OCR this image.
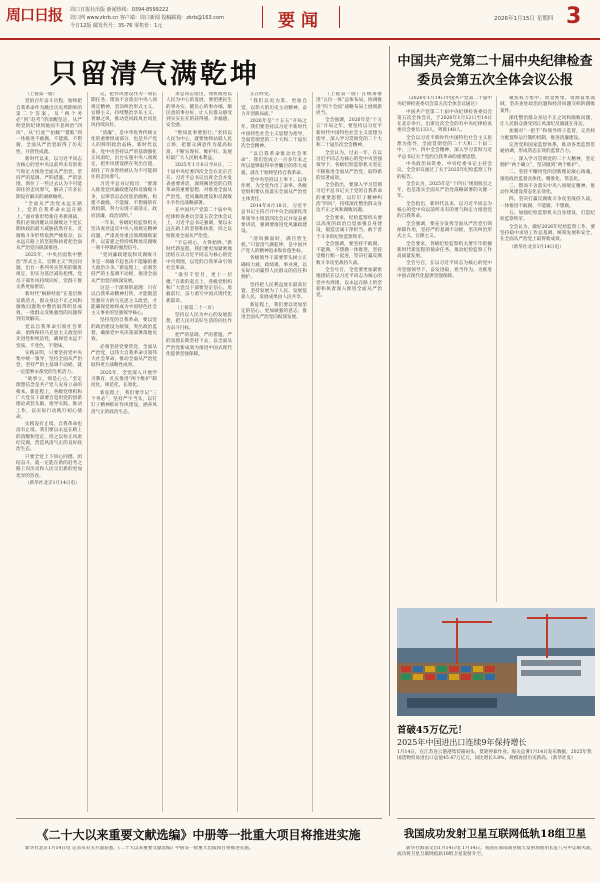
周口日报	周口日报社出版 新闻热线：0394-8599222
周口网 www.zkrb.cn 客户端：周口新闻 投稿邮箱：zkrb@163.com
今日12版 邮发代号：35-76 零售价：1元	要闻	2026年1月15日 星期四 3
只留清气满乾坤

（上接第一版）

党的百年奋斗历程，始终把自我革命作为跳出历史周期率的第二个答案。从“两个务必”到“赶考”的清醒坚定，从严明党的纪律到驰而不息纠治“四风”，从“打虎”“拍蝇”“猎狐”到一体推进不敢腐、不能腐、不想腐，全面从严治党取得了历史性、开创性成就。

新时代以来，以习近平同志为核心的党中央以前所未有的勇气和定力推进全面从严治党，坚持严的基调、严的措施、严的氛围，刹住了一些过去认为不可能刹住的歪风邪气，解决了许多长期没有解决的顽瘴痼疾。

“全面从严治党永远在路上，党的自我革命永远在路上。”面对新形势新任务新挑战，我们必须清醒认识腐败这个党长期执政的最大威胁依然存在，反腐败斗争形势依然严峻复杂，以永远在路上的坚韧和执着把全面从严治党向纵深推进。

2025年，中央层面集中整治“形式主义、官僚主义”突出问题，出台一系列务实管用的制度规定，切实为基层减负松绑，党员干部作风持续向好，党群干群关系更加密切。

新时代“枫桥经验”在基层焕发新活力，群众身边不正之风和腐败问题集中整治取得明显成效，一批群众反映强烈的问题得到有效解决。

党以自我革命引领社会革命，始终保持马克思主义政党的先进性和纯洁性，确保党永远不变质、不变色、不变味。

实践证明，只要坚持党中央集中统一领导，坚持全面从严治党，坚持严的主基调不动摇，就一定能够永葆党的生机活力。

“欲事立，须是心立。”坚定理想信念是共产党人安身立命的根本。新征程上，各级党组织和广大党员干部要自觉用党的创新理论武装头脑、指导实践、推动工作，以实际行动践行初心使命。

实践没有止境，自我革命也没有止境。我们要以永远在路上的清醒和坚定，持之以恒正风肃纪反腐，营造风清气正的良好政治生态。

只要全党上下同心同德、团结奋斗，就一定能在新的赶考之路上向历史和人民交出新的更加优异的答卷。

（新华社北京1月14日电）

记，把作风建设作为一项长期任务，锲而不舍落实中央八项规定精神，坚决纠治形式主义、官僚主义，持续整治享乐主义、奢靡之风，推动党风政风社风民风持续向好。

“清廉”，是中华优秀传统文化的重要组成部分，也是共产党人的鲜明政治品格。新时代以来，党中央坚持以严的基调强化正风肃纪，出台实施中央八项规定，把作风建设摆在突出位置，刹住了许多曾经被认为不可能刹住的歪风邪气。

习近平总书记指出：“要深入推进党风廉政建设和反腐败斗争，以零容忍态度惩治腐败，构建不敢腐、不能腐、不想腐的有效机制，努力实现干部清正、政府清廉、政治清明。”

一年来，各级纪检监察机关坚决查处违反中央八项规定精神问题，严肃查处重点领域腐败案件，以雷霆之势持续释放反腐败一刻不停歇的强烈信号。

“党风廉政建设和反腐败斗争是一场输不起也决不能输的重大政治斗争。”新征程上，必须坚持严的主基调不动摇，推进全面从严治党向纵深发展。

这是一个深刻的道理：只有以自我革命精神打铁，才能锻造坚强有力的马克思主义政党，才能确保党始终成为中国特色社会主义事业的坚强领导核心。

坚持党的自我革命，要以党的政治建设为统领，突出政治监督，确保党中央决策部署落地见效。

必须坚持党要管党、全面从严治党，以伟大自我革命引领伟大社会革命，推动全面从严治党取得更大战略性成果。

2025年，全党深入开展学习教育，扎实推进“两个维护”制度化、规范化、长效化。

新征程上，我们要牢记“三个务必”，坚持严字当头，以钉钉子精神抓好作风建设，涵养风清气正的政治生态。

求是同志指出，加快推进以人民为中心的发展，要把惠民生的事办实、暖民心的事办细、顺民意的事办好，让人民群众感受到实实在在的获得感、幸福感、安全感。

“绝知此事要躬行。”坚持以人民为中心，就要始终站稳人民立场，把群众满意作为最高标准，不断实现好、维护好、发展好最广大人民根本利益。

2025年1月6日至8日，二十届中央纪委四次全会在北京召开。习近平总书记出席全会并发表重要讲话，深刻阐述党的自我革命的重要思想，对推进全面从严治党、党风廉政建设和反腐败斗争作出战略部署。

在中国共产党第二十届中央纪律检查委员会第五次全体会议上，习近平总书记强调，要以永远在路上的坚韧和执着，持之以恒推进全面从严治党。

“不忘初心，方得始终。”新时代新征程，我们要更加紧密地团结在以习近平同志为核心的党中央周围，以党的自我革命引领社会革命。

“欲穷千里目，更上一层楼。”在新的起点上，各级党组织和广大党员干部要坚定信心、勇毅前行，奋力谱写中国式现代化新篇章。

（上接第二十一页）

坚持以人民为中心的发展思想，把人民对美好生活的向往作为奋斗目标。

把严的基调、严的措施、严的氛围长期坚持下去，以全面从严治党新成效为推进中国式现代化提供坚强保障。

正在经受。

“我们以史为鉴、更加自觉，以伟大的历史主动精神，奋力开创新局面。”

2026年是“十五五”开局之年。我们要坚持以习近平新时代中国特色社会主义思想为指导，全面贯彻党的二十大和二十届历次全会精神。

“以自我革命推动社会革命”，我们党成立一百多年来之所以能够取得举世瞩目的伟大成就，就在于始终坚持自我革命。

党中央坚持以上率下、以身作则，为全党作出了表率。各级党组织要认真落实全面从严治党主体责任。

2014年8月18日，习近平总书记主持召开中央全面深化改革领导小组第四次会议并发表重要讲话，强调要推进党风廉政建设。

“清风拂面时，满目皆生机。”只留清气满乾坤，是中国共产党人的精神追求和价值坐标。

各级领导干部要带头树立正确权力观、政绩观、事业观，以实际行动赢得人民群众的信任和拥护。

坚持把人民利益放在最高位置，坚持发展为了人民、发展依靠人民、发展成果由人民共享。

新征程上，我们要以更加坚定的信心、更加顽强的意志，推进全面从严治党向纵深发展。

（上接第一版）在统筹推进“五位一体”总体布局、协调推进“四个全面”战略布局上展现新担当。

全会强调，2026年是“十五五”开局之年。要坚持以习近平新时代中国特色社会主义思想为指导，深入学习贯彻党的二十大和二十届历次全会精神。

全会认为，过去一年，在以习近平同志为核心的党中央坚强领导下，各级纪检监察机关坚定不移推进全面从严治党，取得新的显著成效。

全会指出，要深入学习贯彻习近平总书记关于党的自我革命的重要思想，以钉钉子精神纠治“四风”，持续深化整治群众身边不正之风和腐败问题。

全会要求，纪检监察机关要以高度的政治自觉加强自身建设，锻造忠诚干净担当、敢于善于斗争的纪检监察铁军。

全会强调，要坚持不敢腐、不能腐、不想腐一体推进，坚持受贿行贿一起查，坚决打赢反腐败斗争攻坚战持久战。

全会号召，全党要更加紧密地团结在以习近平同志为核心的党中央周围，以永远在路上的坚韧和执着深入推进全面从严治党。

中国共产党第二十届中央纪律检查委员会第五次全体会议公报

（2026年1月14日中国共产党第二十届中央纪律检查委员会第五次全体会议通过）

中国共产党第二十届中央纪律检查委员会第五次全体会议，于2026年1月12日至14日在北京举行。出席这次全会的有中央纪律检查委员会委员133人，列席148人。

全会以习近平新时代中国特色社会主义思想为指导，全面贯彻党的二十大和二十届二中、三中、四中全会精神，深入学习贯彻习近平总书记关于党的自我革命的重要思想。

中央政治局常委、中央纪委书记主持会议。全会审议通过了关于2025年纪检监察工作的报告。

全会认为，2025年是“十四五”规划收官之年，也是落实全面从严治党战略部署的关键一年。

全会指出，新时代以来，以习近平同志为核心的党中央以前所未有的勇气和定力推进党的自我革命。

全会强调，要充分发挥全面从严治党引领保障作用，坚持严的基调不动摇，坚决纠治形式主义、官僚主义。

全会要求，各级纪检监察机关要牢牢把握新时代新征程的使命任务，推动纪检监察工作高质量发展。

全会号召，在以习近平同志为核心的党中央坚强领导下，奋发进取、担当作为，为推进中国式现代化提供坚强保障。

聚焦权力集中、资金密集、资源富集领域，坚决查处政治问题和经济问题交织的腐败案件。

深化整治群众身边不正之风和腐败问题，让人民群众感受到正风肃纪反腐就在身边。

加强对“一把手”和领导班子监督，完善权力配置和运行制约机制，推进清廉建设。

完善党和国家监督体系，推动各类监督贯通协调，形成常态长效的监督合力。

一、深入学习贯彻党的二十大精神，坚定拥护“两个确立”，坚决做到“两个维护”。

二、坚持不懈用党的创新理论凝心铸魂，推进政治监督具体化、精准化、常态化。

三、锲而不舍落实中央八项规定精神，推动作风建设常态化长效化。

四、坚决打赢反腐败斗争攻坚战持久战，一体推进不敢腐、不能腐、不想腐。

五、加强纪检监察机关自身建设，打造纪检监察铁军。

全会认为，做好2026年纪检监察工作，要坚持稳中求进工作总基调，统筹发展和安全，在全面从严治党上取得新成效。

（新华社北京1月14日电）

首破45万亿元！
2025年中国进出口连续9年保持增长
1月14日，在江苏连云港港集装箱码头，货轮停靠作业。海关总署1月14日发布数据，2025年我国货物贸易进出口总值45.47万亿元，同比增长3.8%，规模再创历史新高。（新华社发）
《二十大以来重要文献选编》中册等一批重大项目将推进实施

新华社北京1月14日电 记者从有关方面获悉，《二十大以来重要文献选编》中册等一批重大出版项目将推进实施。

我国成功发射卫星互联网低轨18组卫星

新华社海南文昌1月14日电 1月14日，我国在海南商业航天发射场使用长征八号甲运载火箭，成功将卫星互联网低轨18组卫星发射升空。
